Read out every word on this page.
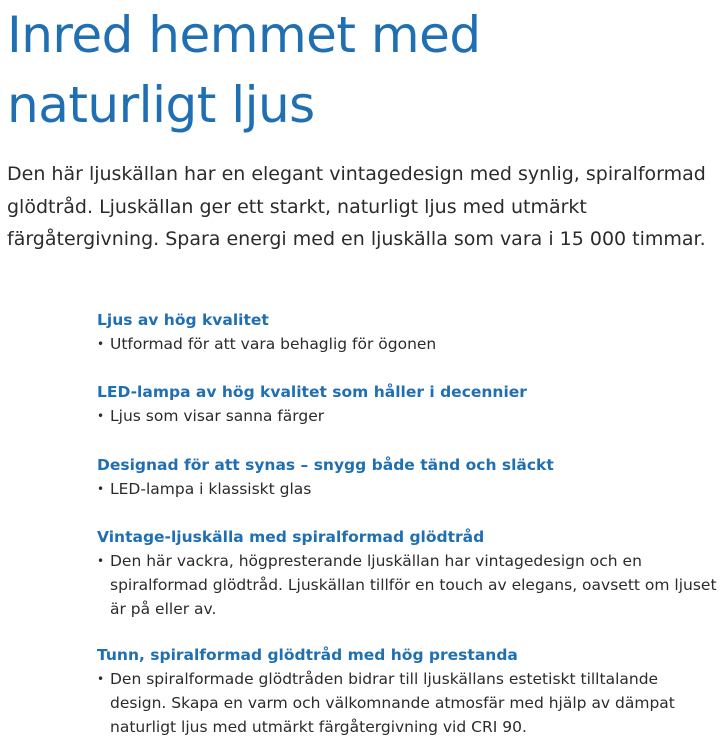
Inred hemmet med
naturligt ljus

Den här ljuskällan har en elegant vintagedesign med synlig, spiralformad glödtråd. Ljuskällan ger ett starkt, naturligt ljus med utmärkt färgåtergivning. Spara energi med en ljuskälla som vara i 15 000 timmar.

Ljus av hög kvalitet
• Utformad för att vara behaglig för ögonen
LED-lampa av hög kvalitet som håller i decennier
• Ljus som visar sanna färger
Designad för att synas – snygg både tänd och släckt
• LED-lampa i klassiskt glas
Vintage-ljuskälla med spiralformad glödtråd
• Den här vackra, högpresterande ljuskällan har vintagedesign och en spiralformad glödtråd. Ljuskällan tillför en touch av elegans, oavsett om ljuset är på eller av.
Tunn, spiralformad glödtråd med hög prestanda
• Den spiralformade glödtråden bidrar till ljuskällans estetiskt tilltalande design. Skapa en varm och välkomnande atmosfär med hjälp av dämpat naturligt ljus med utmärkt färgåtergivning vid CRI 90.
